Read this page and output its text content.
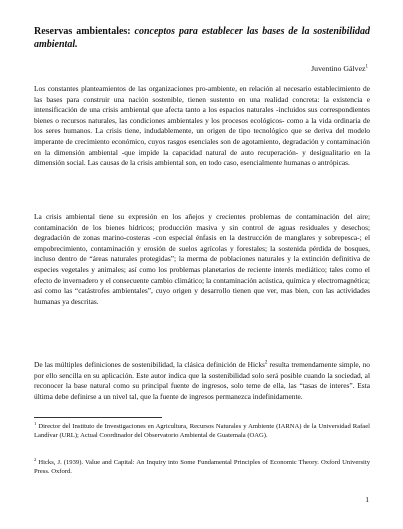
Reservas ambientales: conceptos para establecer las bases de la sostenibilidad ambiental.
Juventino Gálvez$^1$

Los constantes planteamientos de las organizaciones pro-ambiente, en relación al necesario establecimiento de las bases para construir una nación sostenible, tienen sustento en una realidad concreta: la existencia e intensificación de una crisis ambiental que afecta tanto a los espacios naturales -incluidos sus correspondientes bienes o recursos naturales, las condiciones ambientales y los procesos ecológicos- como a la vida ordinaria de los seres humanos. La crisis tiene, indudablemente, un origen de tipo tecnológico que se deriva del modelo imperante de crecimiento económico, cuyos rasgos esenciales son de agotamiento, degradación y contaminación en la dimensión ambiental -que impide la capacidad natural de auto recuperación- y desigualitario en la dimensión social. Las causas de la crisis ambiental son, en todo caso, esencialmente humanas o antrópicas.

La crisis ambiental tiene su expresión en los añejos y crecientes problemas de contaminación del aire; contaminación de los bienes hídricos; producción masiva y sin control de aguas residuales y desechos; degradación de zonas marino-costeras -con especial énfasis en la destrucción de manglares y sobrepesca-; el empobrecimiento, contaminación y erosión de suelos agrícolas y forestales; la sostenida pérdida de bosques, incluso dentro de “áreas naturales protegidas”; la merma de poblaciones naturales y la extinción definitiva de especies vegetales y animales; así como los problemas planetarios de reciente interés mediático; tales como el efecto de invernadero y el consecuente cambio climático; la contaminación acústica, química y electromagnética; así como las “catástrofes ambientales”, cuyo origen y desarrollo tienen que ver, mas bien, con las actividades humanas ya descritas.

De las múltiples definiciones de sostenibilidad, la clásica definición de Hicks$^2$ resulta tremendamente simple, no por ello sencilla en su aplicación. Este autor indica que la sostenibilidad solo será posible cuando la sociedad, al reconocer la base natural como su principal fuente de ingresos, solo teme de ella, las “tasas de interes”. Esta última debe definirse a un nivel tal, que la fuente de ingresos permanezca indefinidamente.

$^1$ Director del Instituto de Investigaciones en Agricultura, Recursos Naturales y Ambiente (IARNA) de la Universidad Rafael Landívar (URL); Actual Coordinador del Observatorio Ambiental de Guatemala (OAG).

$^2$ Hicks, J. (1939). Value and Capital: An Inquiry into Some Fundamental Principles of Economic Theory. Oxford University Press. Oxford.

1
